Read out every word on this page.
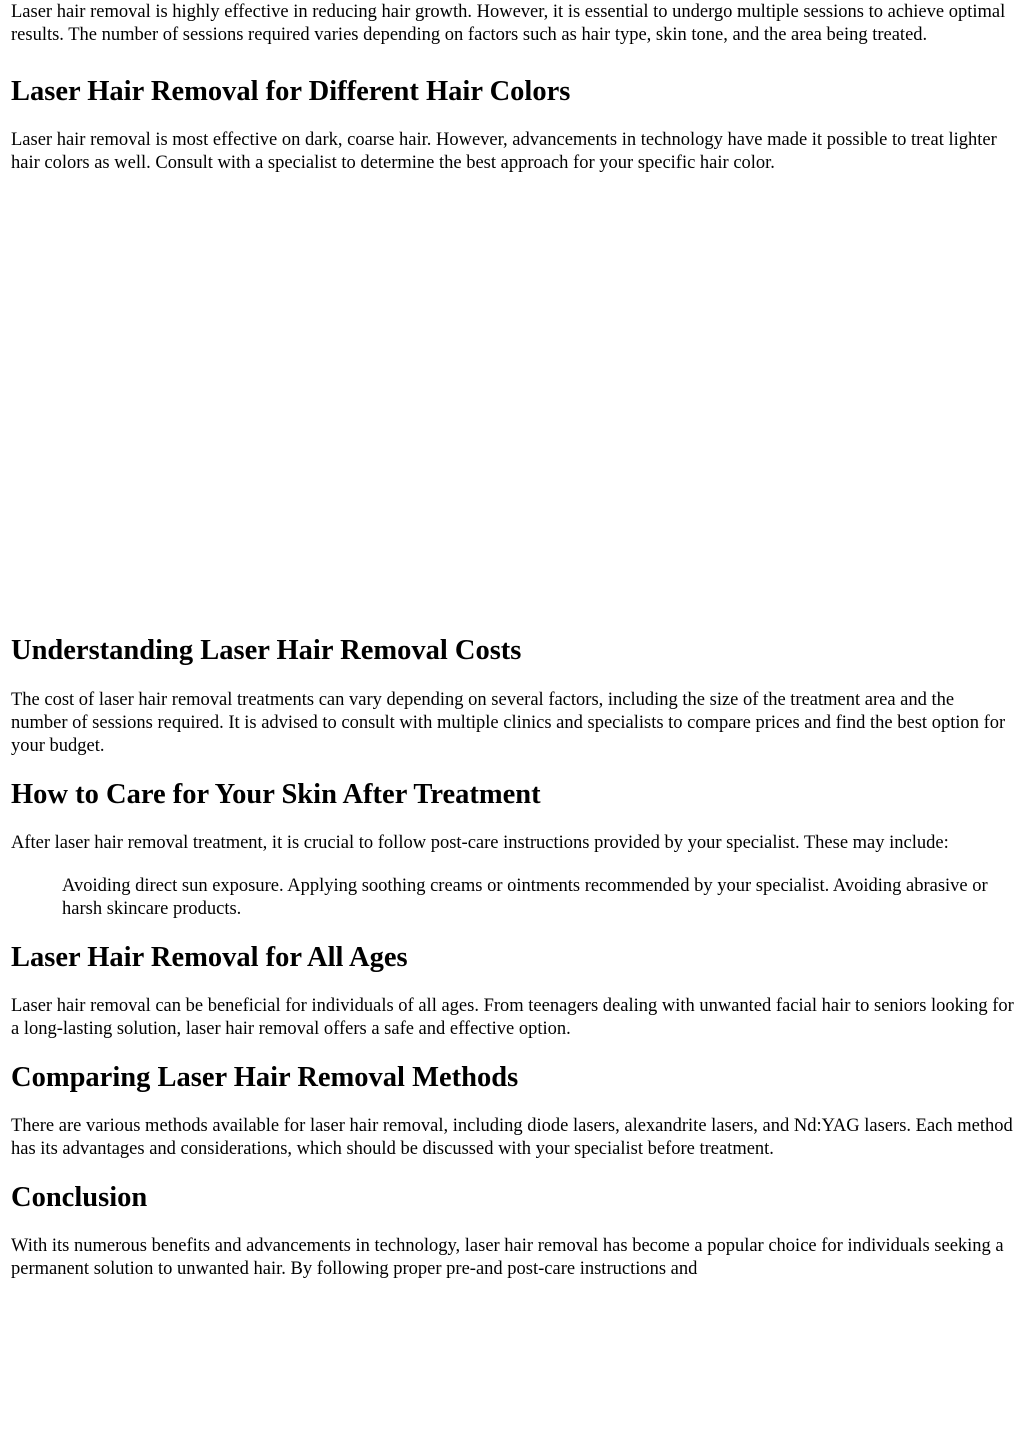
Laser hair removal is highly effective in reducing hair growth. However, it is essential to undergo multiple sessions to achieve optimal results. The number of sessions required varies depending on factors such as hair type, skin tone, and the area being treated.

Laser Hair Removal for Different Hair Colors

Laser hair removal is most effective on dark, coarse hair. However, advancements in technology have made it possible to treat lighter hair colors as well. Consult with a specialist to determine the best approach for your specific hair color.

Understanding Laser Hair Removal Costs

The cost of laser hair removal treatments can vary depending on several factors, including the size of the treatment area and the number of sessions required. It is advised to consult with multiple clinics and specialists to compare prices and find the best option for your budget.

How to Care for Your Skin After Treatment

After laser hair removal treatment, it is crucial to follow post-care instructions provided by your specialist. These may include:

Avoiding direct sun exposure. Applying soothing creams or ointments recommended by your specialist. Avoiding abrasive or harsh skincare products.
Laser Hair Removal for All Ages

Laser hair removal can be beneficial for individuals of all ages. From teenagers dealing with unwanted facial hair to seniors looking for a long-lasting solution, laser hair removal offers a safe and effective option.

Comparing Laser Hair Removal Methods

There are various methods available for laser hair removal, including diode lasers, alexandrite lasers, and Nd:YAG lasers. Each method has its advantages and considerations, which should be discussed with your specialist before treatment.

Conclusion

With its numerous benefits and advancements in technology, laser hair removal has become a popular choice for individuals seeking a permanent solution to unwanted hair. By following proper pre-and post-care instructions and
